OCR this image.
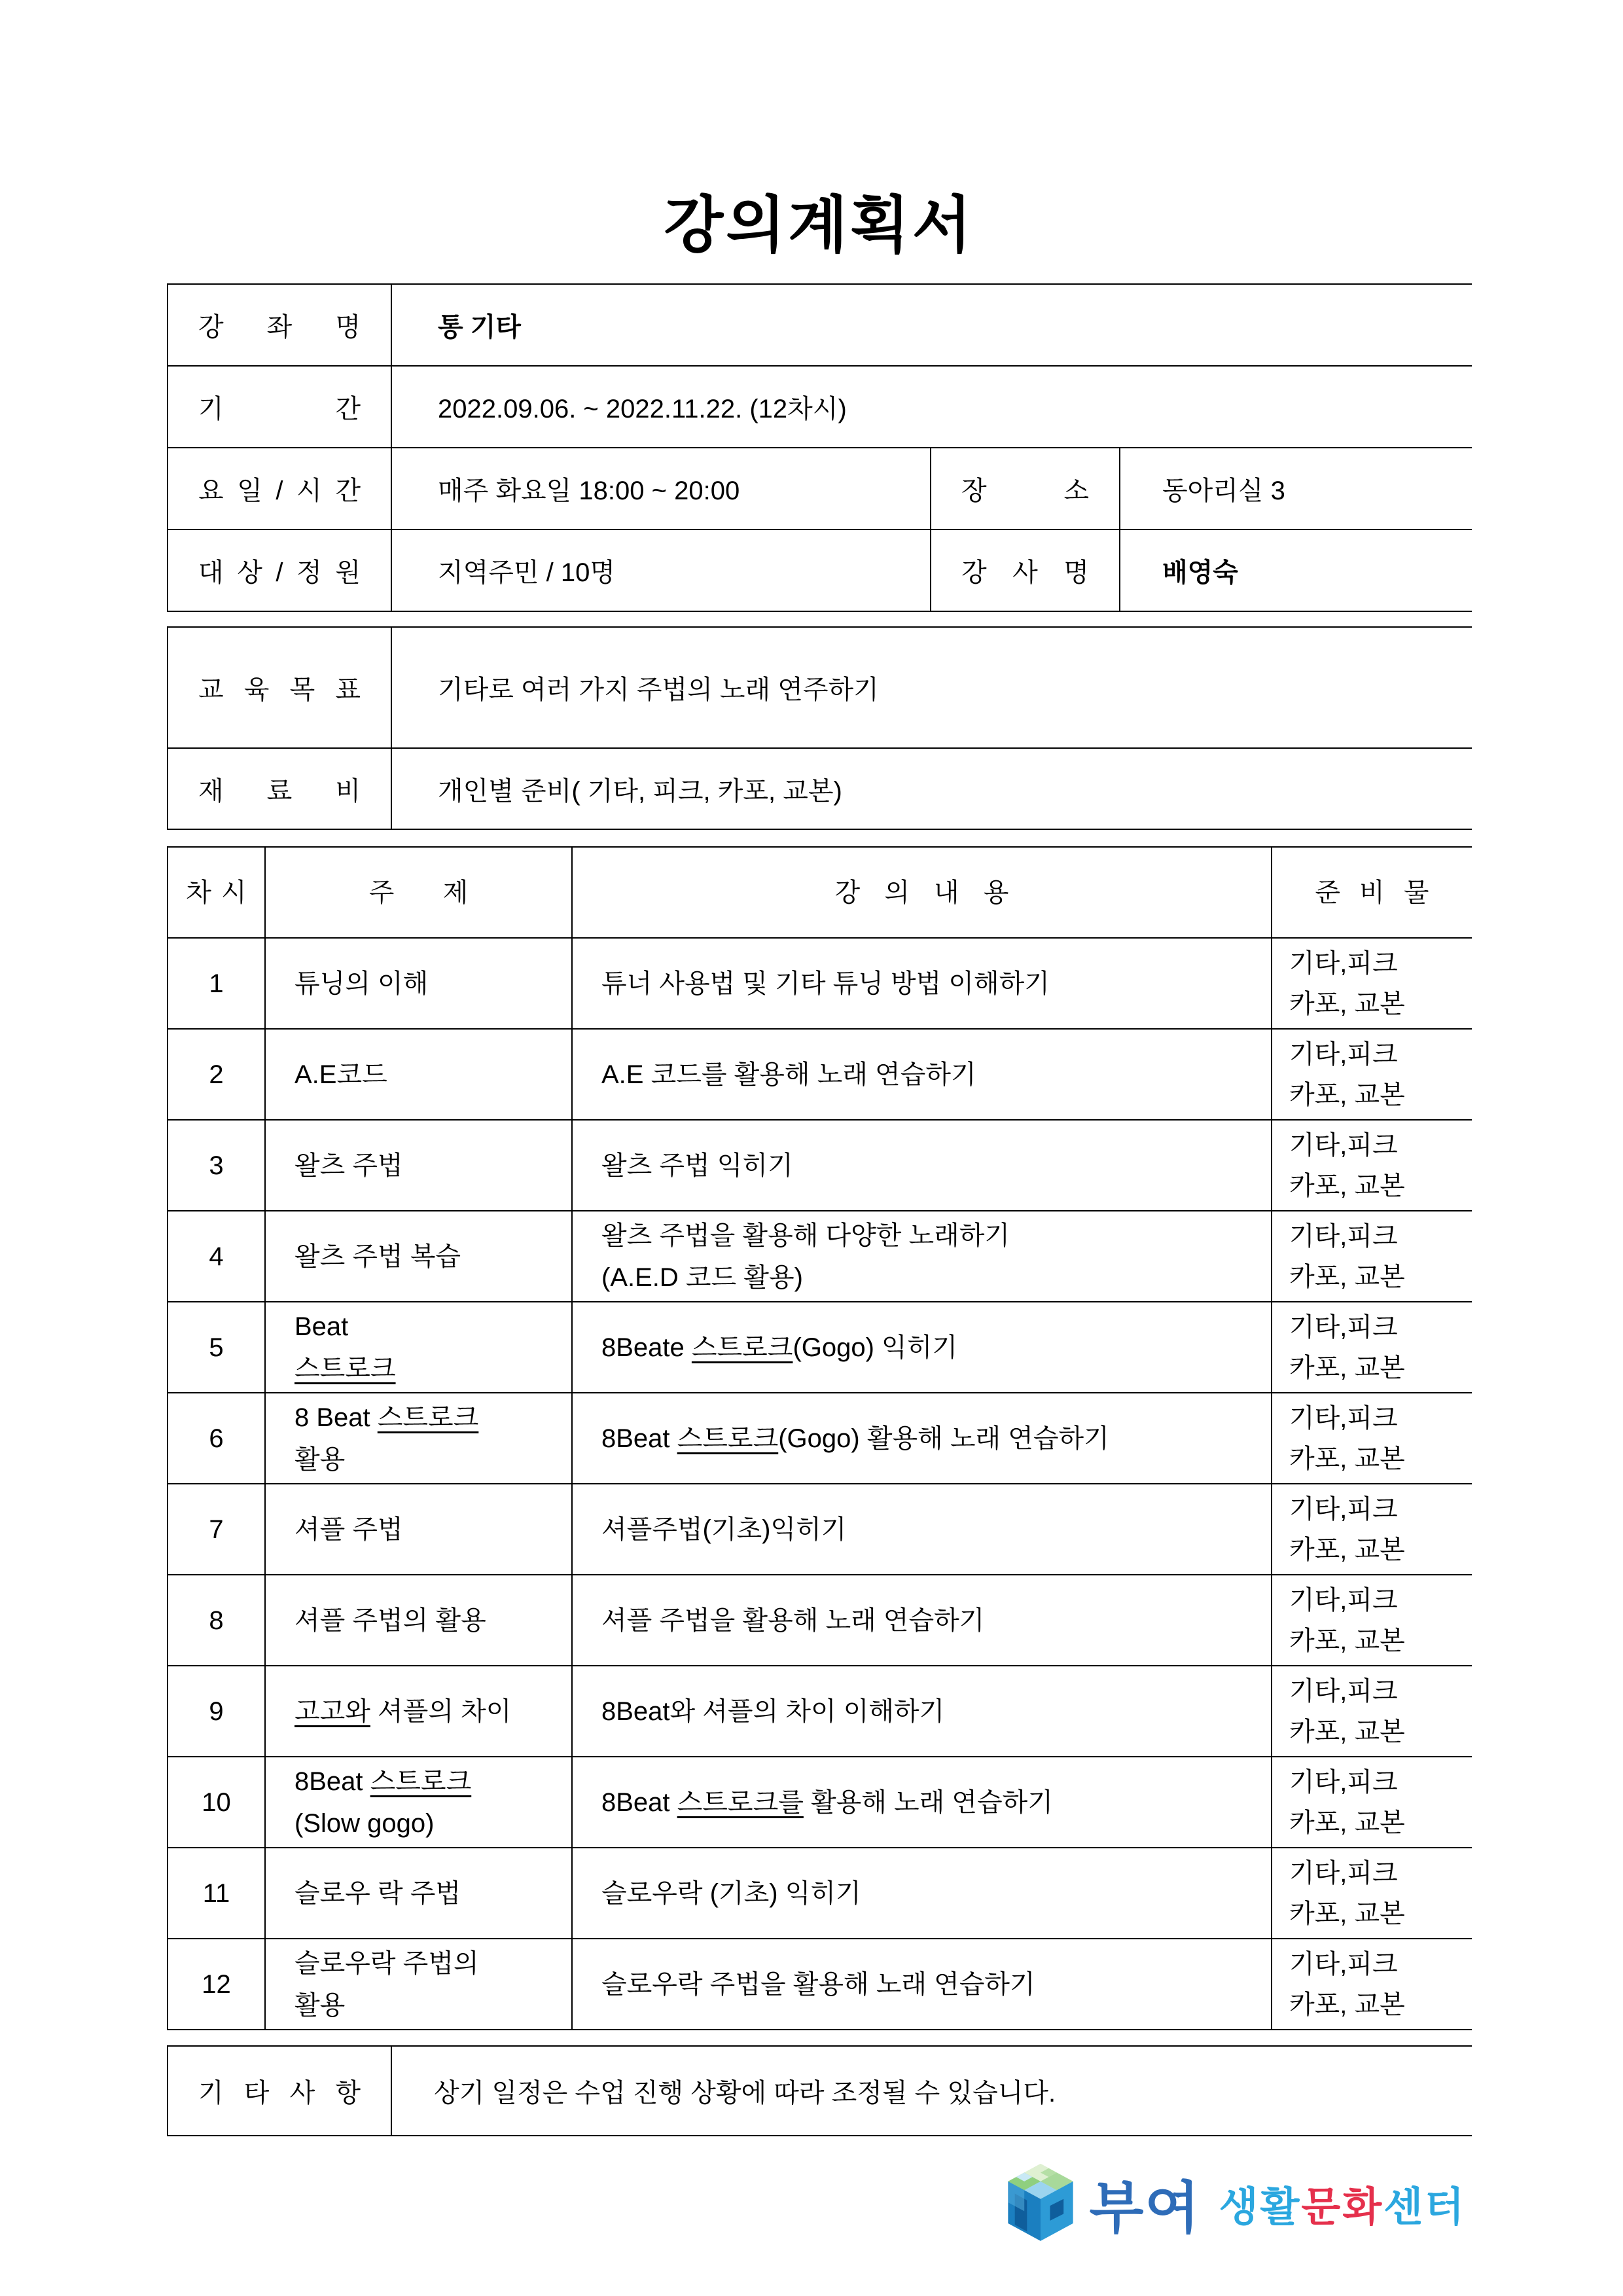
강의계획서
강 좌 명	통 기타		
기 간	2022.09.06. ~ 2022.11.22. (12차시)		
요 일 / 시 간	매주 화요일 18:00 ~ 20:00	장 소	동아리실 3
대 상 / 정 원	지역주민 / 10명	강 사 명	배영숙
교 육 목 표	기타로 여러 가지 주법의 노래 연주하기
재 료 비	개인별 준비( 기타, 피크, 카포, 교본)
차 시	주  제	강 의 내 용	준 비 물
1	튜닝의 이해	튜너 사용법 및 기타 튜닝 방법 이해하기	기타,피크
카포, 교본
2	A.E코드	A.E 코드를 활용해 노래 연습하기	기타,피크
카포, 교본
3	왈츠 주법	왈츠 주법 익히기	기타,피크
카포, 교본
4	왈츠 주법 복습	왈츠 주법을 활용해 다양한 노래하기
(A.E.D 코드 활용)	기타,피크
카포, 교본
5	Beat
스트로크	8Beate 스트로크(Gogo) 익히기	기타,피크
카포, 교본
6	8 Beat 스트로크
활용	8Beat 스트로크(Gogo) 활용해 노래 연습하기	기타,피크
카포, 교본
7	셔플 주법	셔플주법(기초)익히기	기타,피크
카포, 교본
8	셔플 주법의 활용	셔플 주법을 활용해 노래 연습하기	기타,피크
카포, 교본
9	고고와 셔플의 차이	8Beat와 셔플의 차이 이해하기	기타,피크
카포, 교본
10	8Beat 스트로크
(Slow gogo)	8Beat 스트로크를 활용해 노래 연습하기	기타,피크
카포, 교본
11	슬로우 락 주법	슬로우락 (기초) 익히기	기타,피크
카포, 교본
12	슬로우락 주법의
활용	슬로우락 주법을 활용해 노래 연습하기	기타,피크
카포, 교본
기 타 사 항	상기 일정은 수업 진행 상황에 따라 조정될 수 있습니다.
부여 생활문화센터
